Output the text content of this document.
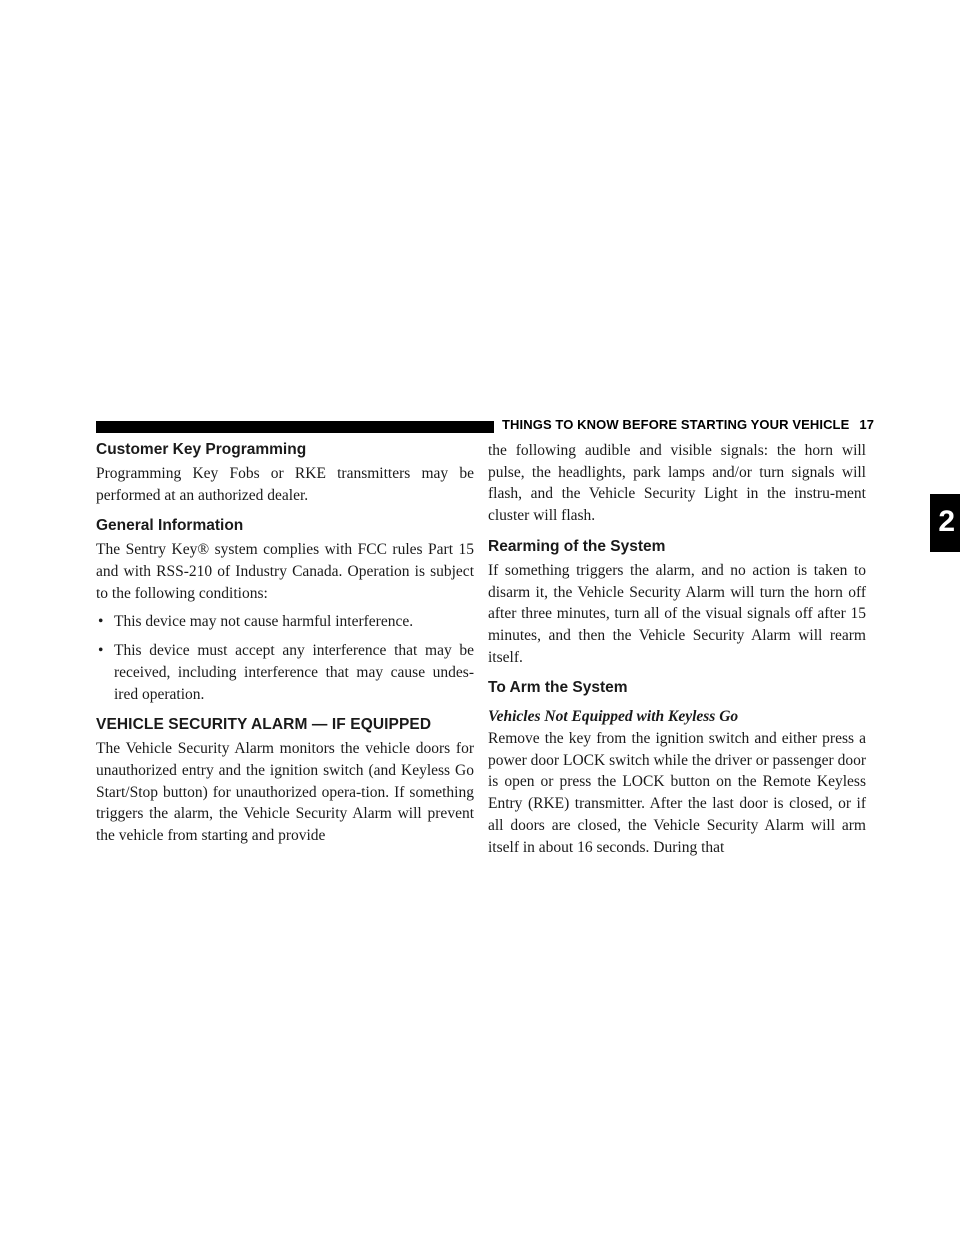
THINGS TO KNOW BEFORE STARTING YOUR VEHICLE 17
2
Customer Key Programming

Programming Key Fobs or RKE transmitters may be performed at an authorized dealer.

General Information

The Sentry Key® system complies with FCC rules Part 15 and with RSS-210 of Industry Canada. Operation is subject to the following conditions:

• This device may not cause harmful interference.
• This device must accept any interference that may be received, including interference that may cause undes-ired operation.
VEHICLE SECURITY ALARM — IF EQUIPPED

The Vehicle Security Alarm monitors the vehicle doors for unauthorized entry and the ignition switch (and Keyless Go Start/Stop button) for unauthorized opera-tion. If something triggers the alarm, the Vehicle Security Alarm will prevent the vehicle from starting and provide

the following audible and visible signals: the horn will pulse, the headlights, park lamps and/or turn signals will flash, and the Vehicle Security Light in the instru-ment cluster will flash.

Rearming of the System

If something triggers the alarm, and no action is taken to disarm it, the Vehicle Security Alarm will turn the horn off after three minutes, turn all of the visual signals off after 15 minutes, and then the Vehicle Security Alarm will rearm itself.

To Arm the System
Vehicles Not Equipped with Keyless Go

Remove the key from the ignition switch and either press a power door LOCK switch while the driver or passenger door is open or press the LOCK button on the Remote Keyless Entry (RKE) transmitter. After the last door is closed, or if all doors are closed, the Vehicle Security Alarm will arm itself in about 16 seconds. During that
